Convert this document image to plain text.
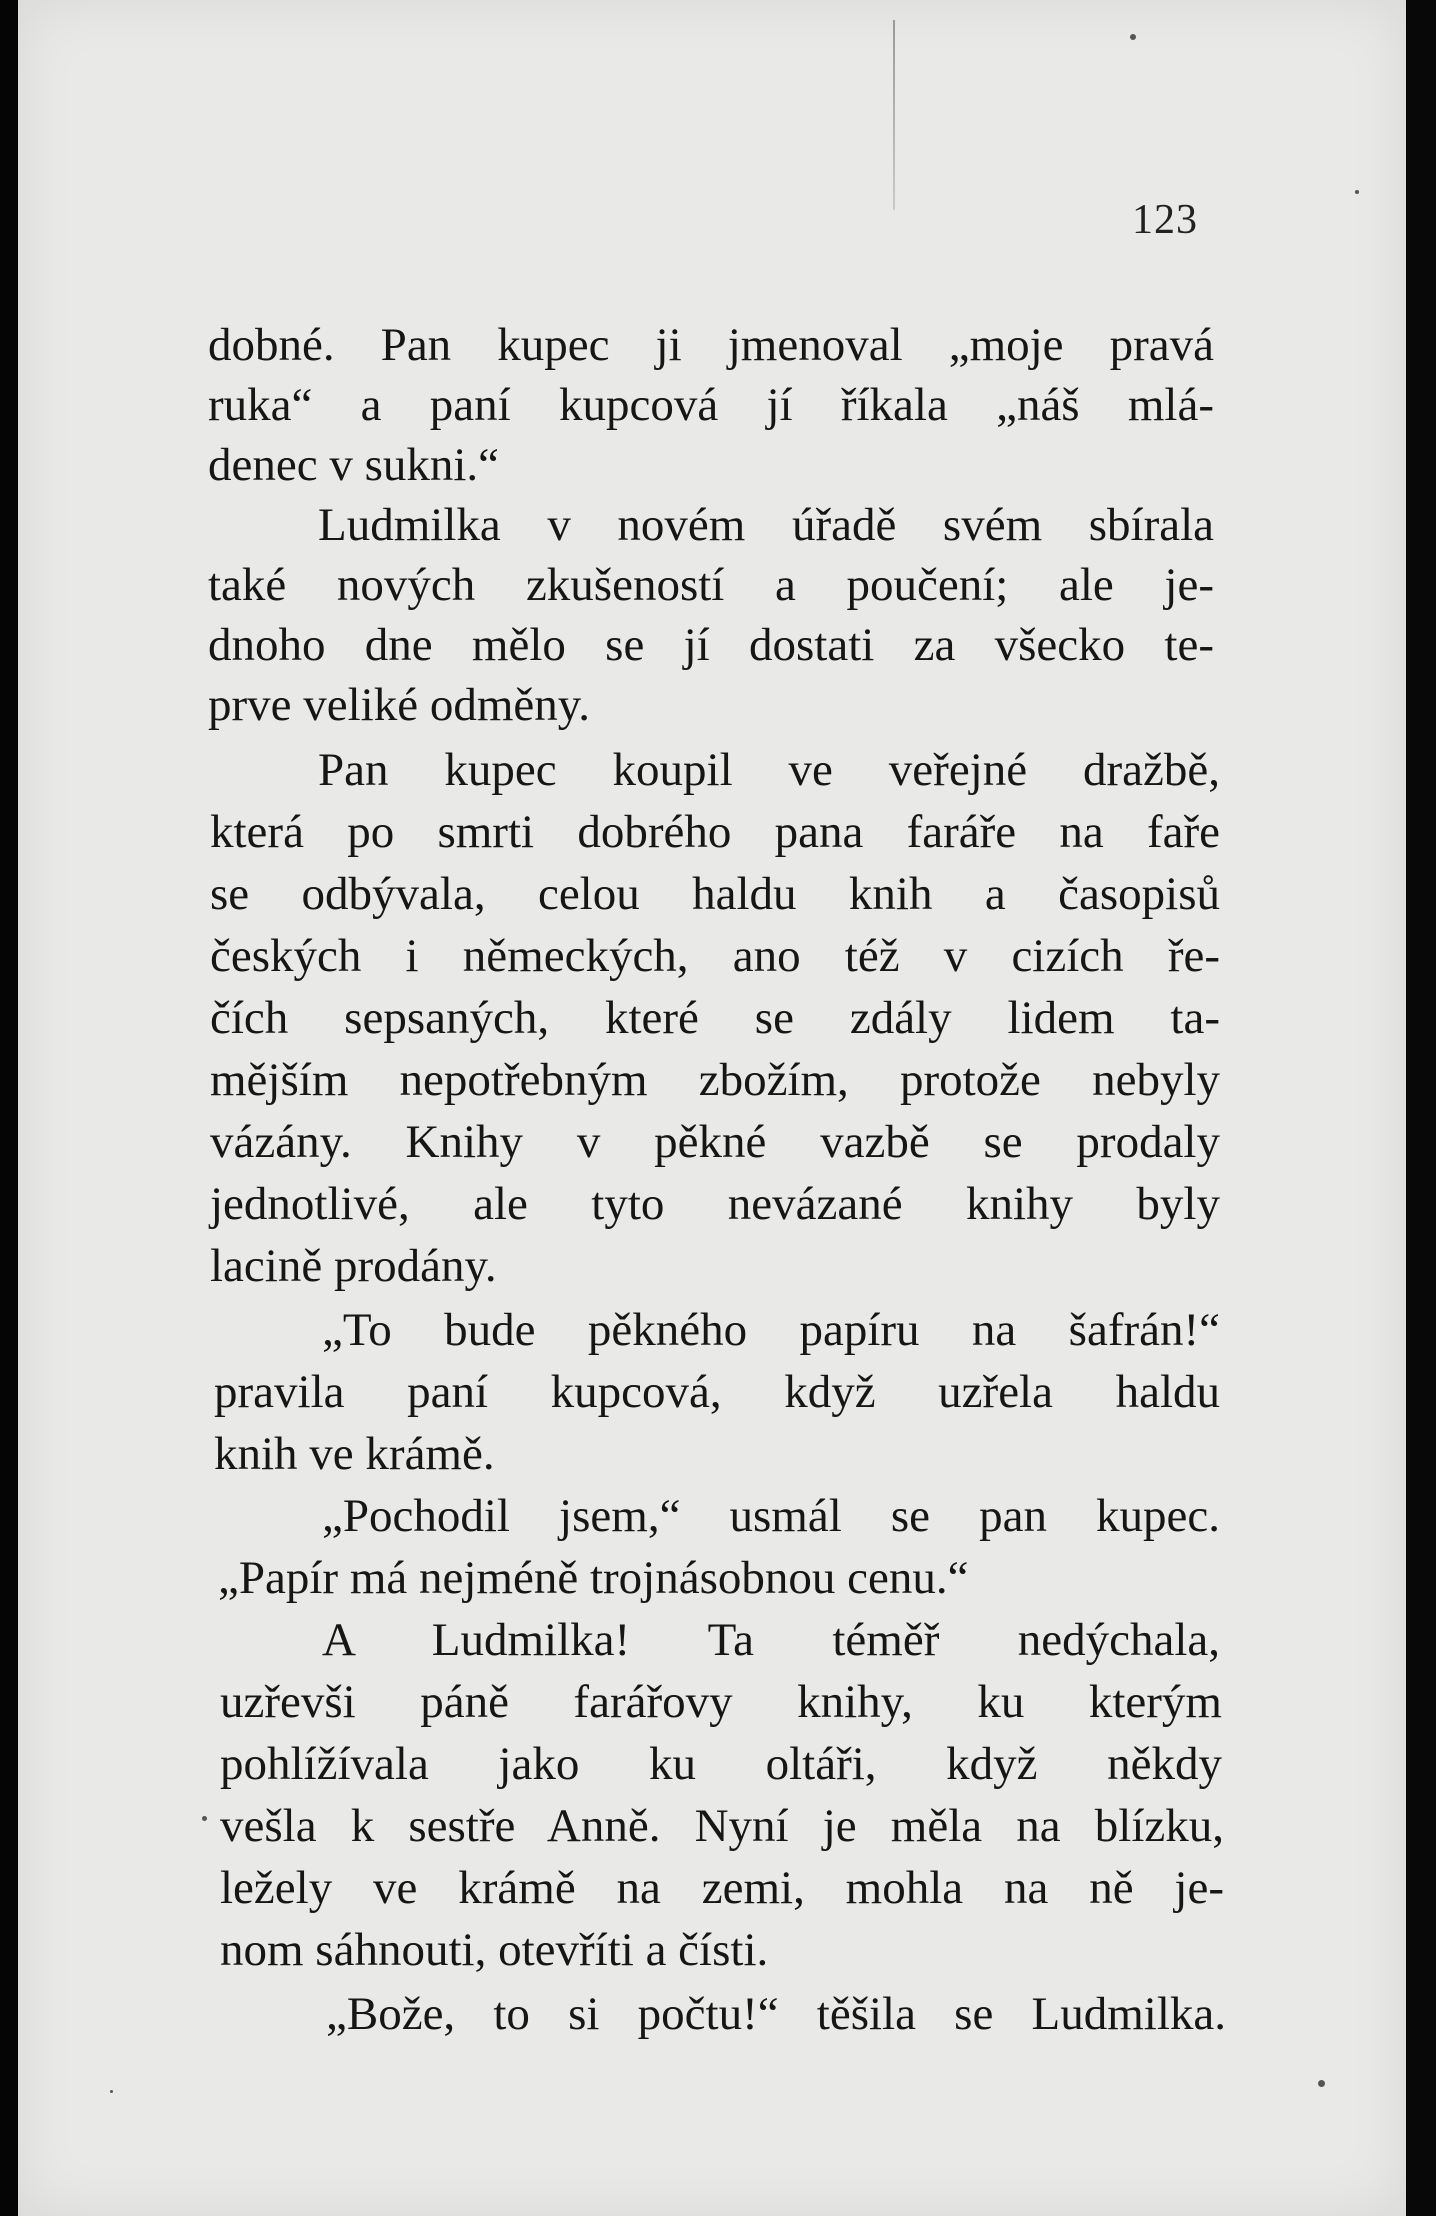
123

dobné. Pan kupec ji jmenoval „moje pravá

ruka“ a paní kupcová jí říkala „náš mlá-

denec v sukni.“

Ludmilka v novém úřadě svém sbírala

také nových zkušeností a poučení; ale je-

dnoho dne mělo se jí dostati za všecko te-

prve veliké odměny.

Pan kupec koupil ve veřejné dražbě,

která po smrti dobrého pana faráře na faře

se odbývala, celou haldu knih a časopisů

českých i německých, ano též v cizích ře-

čích sepsaných, které se zdály lidem ta-

mějším nepotřebným zbožím, protože nebyly

vázány. Knihy v pěkné vazbě se prodaly

jednotlivé, ale tyto nevázané knihy byly

lacině prodány.

„To bude pěkného papíru na šafrán!“

pravila paní kupcová, když uzřela haldu

knih ve krámě.

„Pochodil jsem,“ usmál se pan kupec.

„Papír má nejméně trojnásobnou cenu.“

A Ludmilka! Ta téměř nedýchala,

uzřevši páně farářovy knihy, ku kterým

pohlížívala jako ku oltáři, když někdy

vešla k sestře Anně. Nyní je měla na blízku,

ležely ve krámě na zemi, mohla na ně je-

nom sáhnouti, otevříti a čísti.

„Bože, to si počtu!“ těšila se Ludmilka.
